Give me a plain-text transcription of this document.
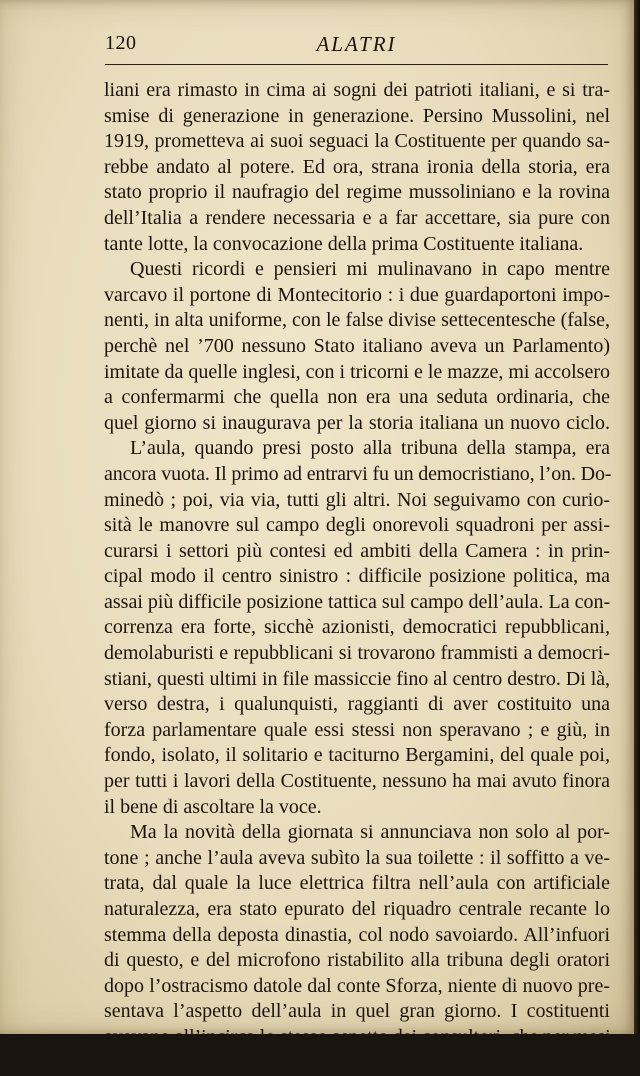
120	ALATRI
liani era rimasto in cima ai sogni dei patrioti italiani, e si tra-
smise di generazione in generazione. Persino Mussolini, nel
1919, prometteva ai suoi seguaci la Costituente per quando sa-
rebbe andato al potere. Ed ora, strana ironia della storia, era
stato proprio il naufragio del regime mussoliniano e la rovina
dell’Italia a rendere necessaria e a far accettare, sia pure con
tante lotte, la convocazione della prima Costituente italiana.
Questi ricordi e pensieri mi mulinavano in capo mentre
varcavo il portone di Montecitorio : i due guardaportoni impo-
nenti, in alta uniforme, con le false divise settecentesche (false,
perchè nel ’700 nessuno Stato italiano aveva un Parlamento)
imitate da quelle inglesi, con i tricorni e le mazze, mi accolsero
a confermarmi che quella non era una seduta ordinaria, che
quel giorno si inaugurava per la storia italiana un nuovo ciclo.
L’aula, quando presi posto alla tribuna della stampa, era
ancora vuota. Il primo ad entrarvi fu un democristiano, l’on. Do-
minedò ; poi, via via, tutti gli altri. Noi seguivamo con curio-
sità le manovre sul campo degli onorevoli squadroni per assi-
curarsi i settori più contesi ed ambiti della Camera : in prin-
cipal modo il centro sinistro : difficile posizione politica, ma
assai più difficile posizione tattica sul campo dell’aula. La con-
correnza era forte, sicchè azionisti, democratici repubblicani,
demolaburisti e repubblicani si trovarono frammisti a democri-
stiani, questi ultimi in file massiccie fino al centro destro. Di là,
verso destra, i qualunquisti, raggianti di aver costituito una
forza parlamentare quale essi stessi non speravano ; e giù, in
fondo, isolato, il solitario e taciturno Bergamini, del quale poi,
per tutti i lavori della Costituente, nessuno ha mai avuto finora
il bene di ascoltare la voce.
Ma la novità della giornata si annunciava non solo al por-
tone ; anche l’aula aveva subìto la sua toilette : il soffitto a ve-
trata, dal quale la luce elettrica filtra nell’aula con artificiale
naturalezza, era stato epurato del riquadro centrale recante lo
stemma della deposta dinastia, col nodo savoiardo. All’infuori
di questo, e del microfono ristabilito alla tribuna degli oratori
dopo l’ostracismo datole dal conte Sforza, niente di nuovo pre-
sentava l’aspetto dell’aula in quel gran giorno. I costituenti
avevano all’incirca lo stesso aspetto dei consultori, che per mesi
avevano riempito l’aula, anzi molti erano gli stessi che vi tor-
